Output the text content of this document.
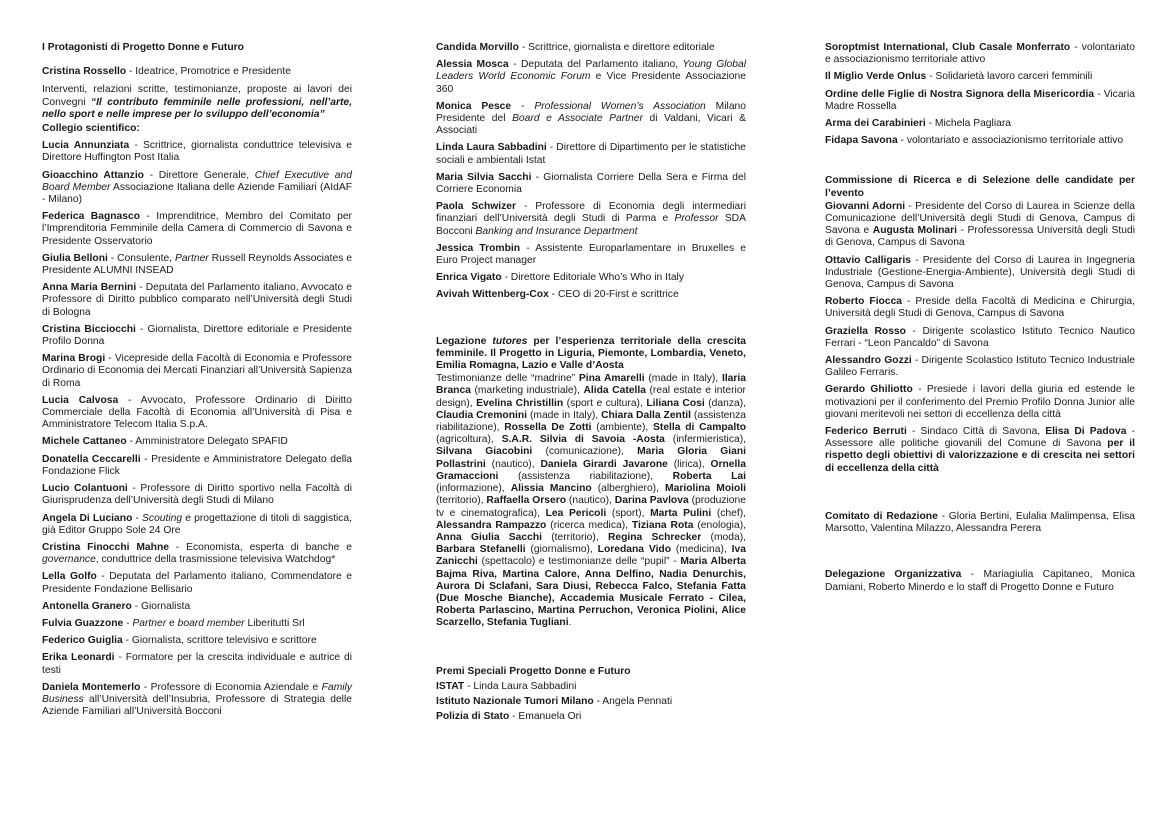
I Protagonisti di Progetto Donne e Futuro

Cristina Rossello - Ideatrice, Promotrice e Presidente

Interventi, relazioni scritte, testimonianze, proposte ai lavori dei Convegni “Il contributo femminile nelle professioni, nell’arte, nello sport e nelle imprese per lo sviluppo dell’economia”

Collegio scientifico:

Lucia Annunziata - Scrittrice, giornalista conduttrice televisiva e Direttore Huffington Post Italia

Gioacchino Attanzio - Direttore Generale, Chief Executive and Board Member Associazione Italiana delle Aziende Familiari (AIdAF - Milano)

Federica Bagnasco - Imprenditrice, Membro del Comitato per l’Imprenditoria Femminile della Camera di Commercio di Savona e Presidente Osservatorio

Giulia Belloni - Consulente, Partner Russell Reynolds Associates e Presidente ALUMNI INSEAD

Anna Maria Bernini - Deputata del Parlamento italiano, Avvocato e Professore di Diritto pubblico comparato nell’Università degli Studi di Bologna

Cristina Bicciocchi - Giornalista, Direttore editoriale e Presidente Profilo Donna

Marina Brogi - Vicepreside della Facoltà di Economia e Professore Ordinario di Economia dei Mercati Finanziari all’Università Sapienza di Roma

Lucia Calvosa - Avvocato, Professore Ordinario di Diritto Commerciale della Facoltà di Economia all’Università di Pisa e Amministratore Telecom Italia S.p.A.

Michele Cattaneo - Amministratore Delegato SPAFID

Donatella Ceccarelli - Presidente e Amministratore Delegato della Fondazione Flick

Lucio Colantuoni - Professore di Diritto sportivo nella Facoltà di Giurisprudenza dell’Università degli Studi di Milano

Angela Di Luciano - Scouting e progettazione di titoli di saggistica, già Editor Gruppo Sole 24 Ore

Cristina Finocchi Mahne - Economista, esperta di banche e governance, conduttrice della trasmissione televisiva Watchdog*

Lella Golfo - Deputata del Parlamento italiano, Commendatore e Presidente Fondazione Bellisario

Antonella Granero - Giornalista

Fulvia Guazzone - Partner e board member Liberitutti Srl

Federico Guiglia - Giornalista, scrittore televisivo e scrittore

Erika Leonardi - Formatore per la crescita individuale e autrice di testi

Daniela Montemerlo - Professore di Economia Aziendale e Family Business all’Università dell’Insubria, Professore di Strategia delle Aziende Familiari all’Università Bocconi

Candida Morvillo - Scrittrice, giornalista e direttore editoriale

Alessia Mosca - Deputata del Parlamento italiano, Young Global Leaders World Economic Forum e Vice Presidente Associazione 360

Monica Pesce - Professional Women’s Association Milano Presidente del Board e Associate Partner di Valdani, Vicari & Associati

Linda Laura Sabbadini - Direttore di Dipartimento per le statistiche sociali e ambientali Istat

Maria Silvia Sacchi - Giornalista Corriere Della Sera e Firma del Corriere Economia

Paola Schwizer - Professore di Economia degli intermediari finanziari dell’Università degli Studi di Parma e Professor SDA Bocconi Banking and Insurance Department

Jessica Trombin - Assistente Europarlamentare in Bruxelles e Euro Project manager

Enrica Vigato - Direttore Editoriale Who’s Who in Italy

Avivah Wittenberg-Cox - CEO di 20-First e scrittrice

Legazione tutores per l’esperienza territoriale della crescita femminile. Il Progetto in Liguria, Piemonte, Lombardia, Veneto, Emilia Romagna, Lazio e Valle d’Aosta

Testimonianze delle “madrine” Pina Amarelli (made in Italy), Ilaria Branca (marketing industriale), Alida Catella (real estate e interior design), Evelina Christillin (sport e cultura), Liliana Cosi (danza), Claudia Cremonini (made in Italy), Chiara Dalla Zentil (assistenza riabilitazione), Rossella De Zotti (ambiente), Stella di Campalto (agricoltura), S.A.R. Silvia di Savoia -Aosta (infermieristica), Silvana Giacobini (comunicazione), Maria Gloria Giani Pollastrini (nautico), Daniela Girardi Javarone (lirica), Ornella Gramaccioni (assistenza riabilitazione), Roberta Lai (informazione), Alissia Mancino (alberghiero), Mariolina Moioli (territorio), Raffaella Orsero (nautico), Darina Pavlova (produzione tv e cinematografica), Lea Pericoli (sport), Marta Pulini (chef), Alessandra Rampazzo (ricerca medica), Tiziana Rota (enologia), Anna Giulia Sacchi (territorio), Regina Schrecker (moda), Barbara Stefanelli (giornalismo), Loredana Vido (medicina), Iva Zanicchi (spettacolo) e testimonianze delle “pupil” - Maria Alberta Bajma Riva, Martina Calore, Anna Delfino, Nadia Denurchis, Aurora Di Sclafani, Sara Diusi, Rebecca Falco, Stefania Fatta (Due Mosche Bianche), Accademia Musicale Ferrato - Cilea, Roberta Parlascino, Martina Perruchon, Veronica Piolini, Alice Scarzello, Stefania Tugliani.

Premi Speciali Progetto Donne e Futuro

ISTAT - Linda Laura Sabbadini

Istituto Nazionale Tumori Milano - Angela Pennati

Polizia di Stato - Emanuela Ori

Soroptmist International, Club Casale Monferrato - volontariato e associazionismo territoriale attivo

Il Miglio Verde Onlus - Solidarietà lavoro carceri femminili

Ordine delle Figlie di Nostra Signora della Misericordia - Vicaria Madre Rossella

Arma dei Carabinieri - Michela Pagliara

Fidapa Savona - volontariato e associazionismo territoriale attivo

Commissione di Ricerca e di Selezione delle candidate per l’evento

Giovanni Adorni - Presidente del Corso di Laurea in Scienze della Comunicazione dell’Università degli Studi di Genova, Campus di Savona e Augusta Molinari - Professoressa Università degli Studi di Genova, Campus di Savona

Ottavio Calligaris - Presidente del Corso di Laurea in Ingegneria Industriale (Gestione-Energia-Ambiente), Università degli Studi di Genova, Campus di Savona

Roberto Fiocca - Preside della Facoltà di Medicina e Chirurgia, Università degli Studi di Genova, Campus di Savona

Graziella Rosso - Dirigente scolastico Istituto Tecnico Nautico Ferrari - “Leon Pancaldo” di Savona

Alessandro Gozzi - Dirigente Scolastico Istituto Tecnico Industriale Galileo Ferraris.

Gerardo Ghiliotto - Presiede i lavori della giuria ed estende le motivazioni per il conferimento del Premio Profilo Donna Junior alle giovani meritevoli nei settori di eccellenza della città

Federico Berruti - Sindaco Città di Savona, Elisa Di Padova - Assessore alle politiche giovanili del Comune di Savona per il rispetto degli obiettivi di valorizzazione e di crescita nei settori di eccellenza della città

Comitato di Redazione - Gloria Bertini, Eulalia Malimpensa, Elisa Marsotto, Valentina Milazzo, Alessandra Perera

Delegazione Organizzativa - Mariagiulia Capitaneo, Monica Damiani, Roberto Minerdo e lo staff di Progetto Donne e Futuro
